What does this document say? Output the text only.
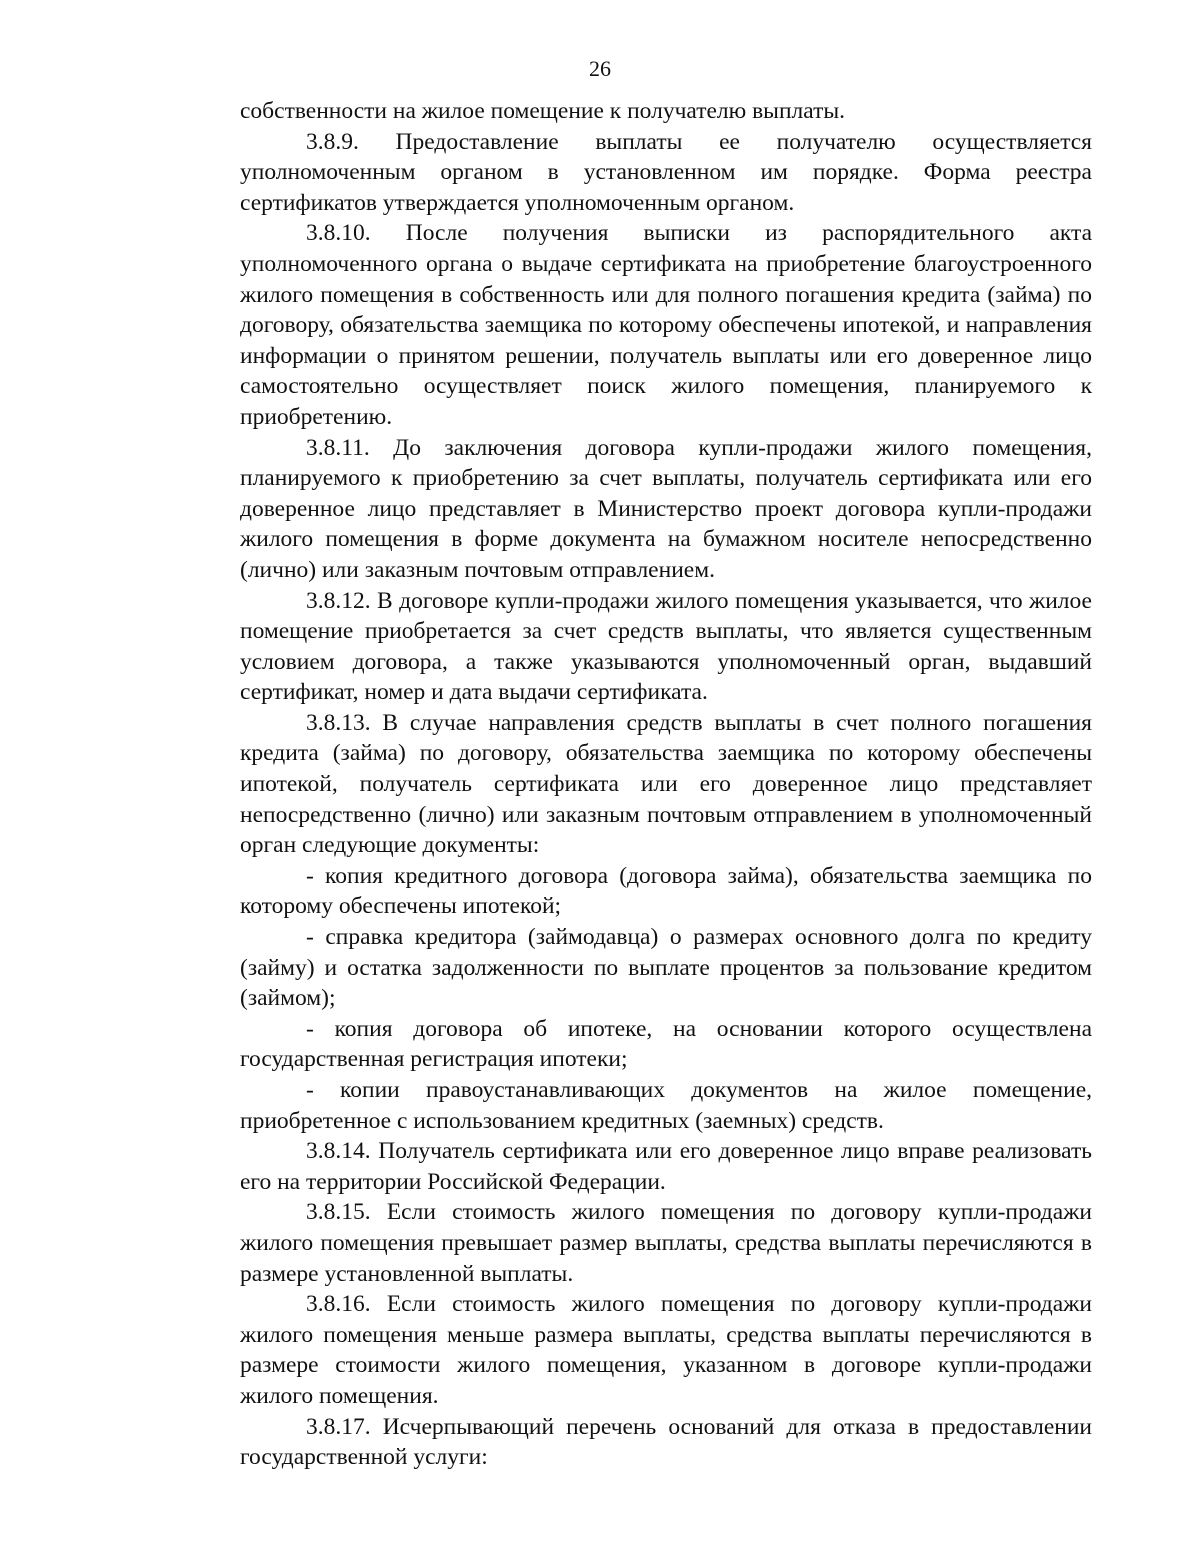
26

собственности на жилое помещение к получателю выплаты.

3.8.9. Предоставление выплаты ее получателю осуществляется уполномоченным органом в установленном им порядке. Форма реестра сертификатов утверждается уполномоченным органом.

3.8.10. После получения выписки из распорядительного акта уполномоченного органа о выдаче сертификата на приобретение благоустроенного жилого помещения в собственность или для полного погашения кредита (займа) по договору, обязательства заемщика по которому обеспечены ипотекой, и направления информации о принятом решении, получатель выплаты или его доверенное лицо самостоятельно осуществляет поиск жилого помещения, планируемого к приобретению.

3.8.11. До заключения договора купли-продажи жилого помещения, планируемого к приобретению за счет выплаты, получатель сертификата или его доверенное лицо представляет в Министерство проект договора купли-продажи жилого помещения в форме документа на бумажном носителе непосредственно (лично) или заказным почтовым отправлением.

3.8.12. В договоре купли-продажи жилого помещения указывается, что жилое помещение приобретается за счет средств выплаты, что является существенным условием договора, а также указываются уполномоченный орган, выдавший сертификат, номер и дата выдачи сертификата.

3.8.13. В случае направления средств выплаты в счет полного погашения кредита (займа) по договору, обязательства заемщика по которому обеспечены ипотекой, получатель сертификата или его доверенное лицо представляет непосредственно (лично) или заказным почтовым отправлением в уполномоченный орган следующие документы:

- копия кредитного договора (договора займа), обязательства заемщика по которому обеспечены ипотекой;

- справка кредитора (займодавца) о размерах основного долга по кредиту (займу) и остатка задолженности по выплате процентов за пользование кредитом (займом);

- копия договора об ипотеке, на основании которого осуществлена государственная регистрация ипотеки;

- копии правоустанавливающих документов на жилое помещение, приобретенное с использованием кредитных (заемных) средств.

3.8.14. Получатель сертификата или его доверенное лицо вправе реализовать его на территории Российской Федерации.

3.8.15. Если стоимость жилого помещения по договору купли-продажи жилого помещения превышает размер выплаты, средства выплаты перечисляются в размере установленной выплаты.

3.8.16. Если стоимость жилого помещения по договору купли-продажи жилого помещения меньше размера выплаты, средства выплаты перечисляются в размере стоимости жилого помещения, указанном в договоре купли-продажи жилого помещения.

3.8.17. Исчерпывающий перечень оснований для отказа в предоставлении государственной услуги:
